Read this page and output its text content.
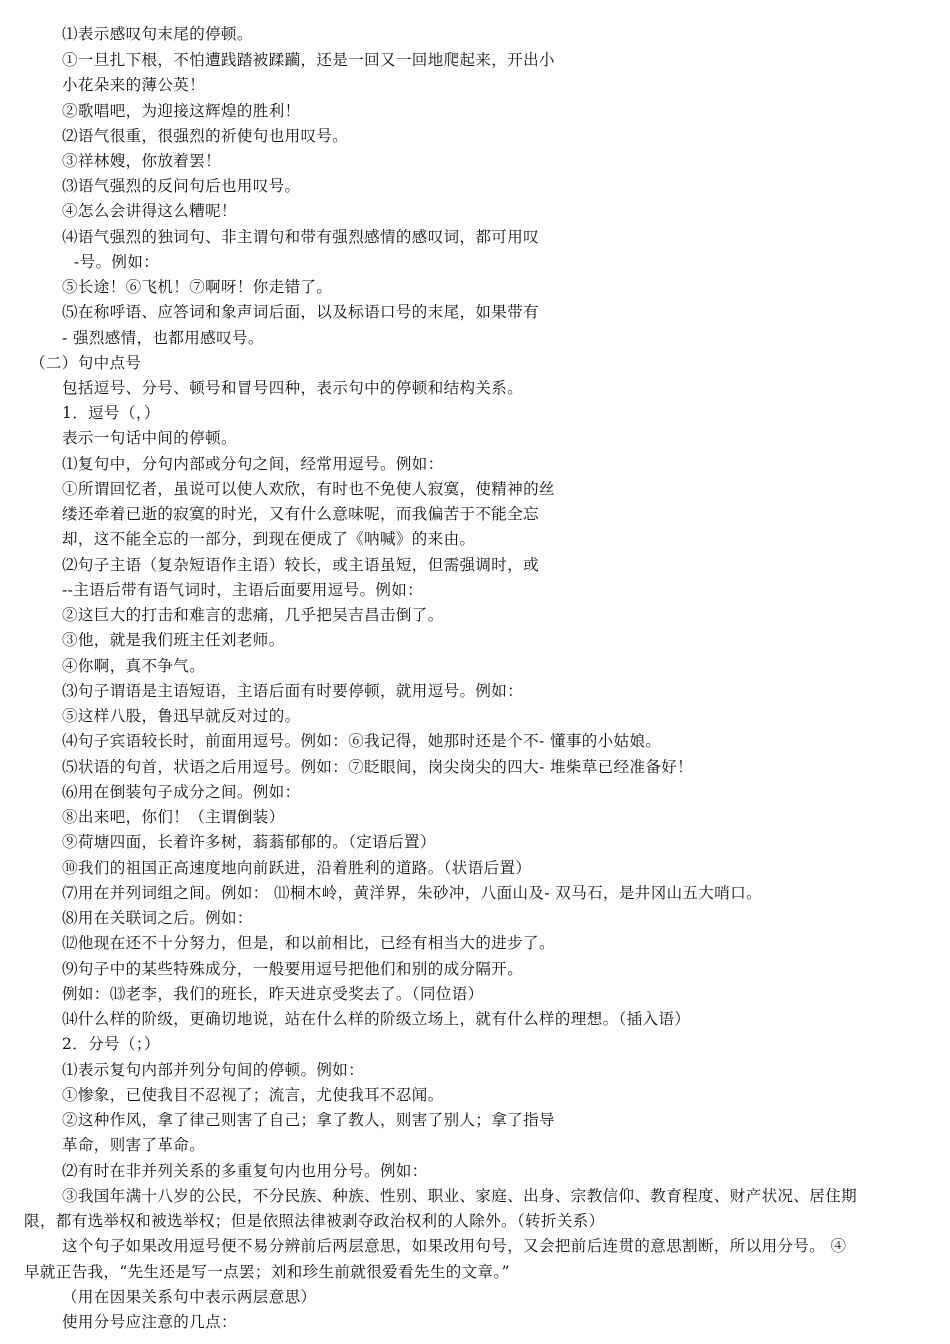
⑴表示感叹句末尾的停顿。
①一旦扎下根，不怕遭践踏被蹂躏，还是一回又一回地爬起来，开出小
小花朵来的薄公英！
②歌唱吧，为迎接这辉煌的胜利！
⑵语气很重，很强烈的祈使句也用叹号。
③祥林嫂，你放着罢！
⑶语气强烈的反问句后也用叹号。
④怎么会讲得这么糟呢！
⑷语气强烈的独词句、非主谓句和带有强烈感情的感叹词，都可用叹
-号。例如：
⑤长途！⑥飞机！⑦啊呀！你走错了。
⑸在称呼语、应答词和象声词后面，以及标语口号的末尾，如果带有
- 强烈感情，也都用感叹号。
（二）句中点号
包括逗号、分号、顿号和冒号四种，表示句中的停顿和结构关系。
1．逗号（，）
表示一句话中间的停顿。
⑴复句中，分句内部或分句之间，经常用逗号。例如：
①所谓回忆者，虽说可以使人欢欣，有时也不免使人寂寞，使精神的丝
缕还牵着已逝的寂寞的时光，又有什么意味呢，而我偏苦于不能全忘
却，这不能全忘的一部分，到现在便成了《呐喊》的来由。
⑵句子主语（复杂短语作主语）较长，或主语虽短，但需强调时，或
--主语后带有语气词时，主语后面要用逗号。例如：
②这巨大的打击和难言的悲痛，几乎把吴吉昌击倒了。
③他，就是我们班主任刘老师。
④你啊，真不争气。
⑶句子谓语是主语短语，主语后面有时要停顿，就用逗号。例如：
⑤这样八股，鲁迅早就反对过的。
⑷句子宾语较长时，前面用逗号。例如：⑥我记得，她那时还是个不- 懂事的小姑娘。
⑸状语的句首，状语之后用逗号。例如：⑦眨眼间，岗尖岗尖的四大- 堆柴草已经准备好！
⑹用在倒装句子成分之间。例如：
⑧出来吧，你们！（主谓倒装）
⑨荷塘四面，长着许多树，蓊蓊郁郁的。（定语后置）
⑩我们的祖国正高速度地向前跃进，沿着胜利的道路。（状语后置）
⑺用在并列词组之间。例如： ⑾桐木岭，黄洋界，朱砂冲，八面山及- 双马石，是井冈山五大哨口。
⑻用在关联词之后。例如：
⑿他现在还不十分努力，但是，和以前相比，已经有相当大的进步了。
⑼句子中的某些特殊成分，一般要用逗号把他们和别的成分隔开。
例如：⒀老李，我们的班长，昨天进京受奖去了。（同位语）
⒁什么样的阶级，更确切地说，站在什么样的阶级立场上，就有什么样的理想。（插入语）
2．分号（；）
⑴表示复句内部并列分句间的停顿。例如：
①惨象，已使我目不忍视了；流言，尤使我耳不忍闻。
②这种作风，拿了律己则害了自己；拿了教人，则害了别人；拿了指导
革命，则害了革命。
⑵有时在非并列关系的多重复句内也用分号。例如：
③我国年满十八岁的公民，不分民族、种族、性别、职业、家庭、出身、宗教信仰、教育程度、财产状况、居住期
限，都有选举权和被选举权；但是依照法律被剥夺政治权利的人除外。（转折关系）
这个句子如果改用逗号便不易分辨前后两层意思，如果改用句号，又会把前后连贯的意思割断，所以用分号。 ④
早就正告我，“先生还是写一点罢；刘和珍生前就很爱看先生的文章。”
（用在因果关系句中表示两层意思）
使用分号应注意的几点：
